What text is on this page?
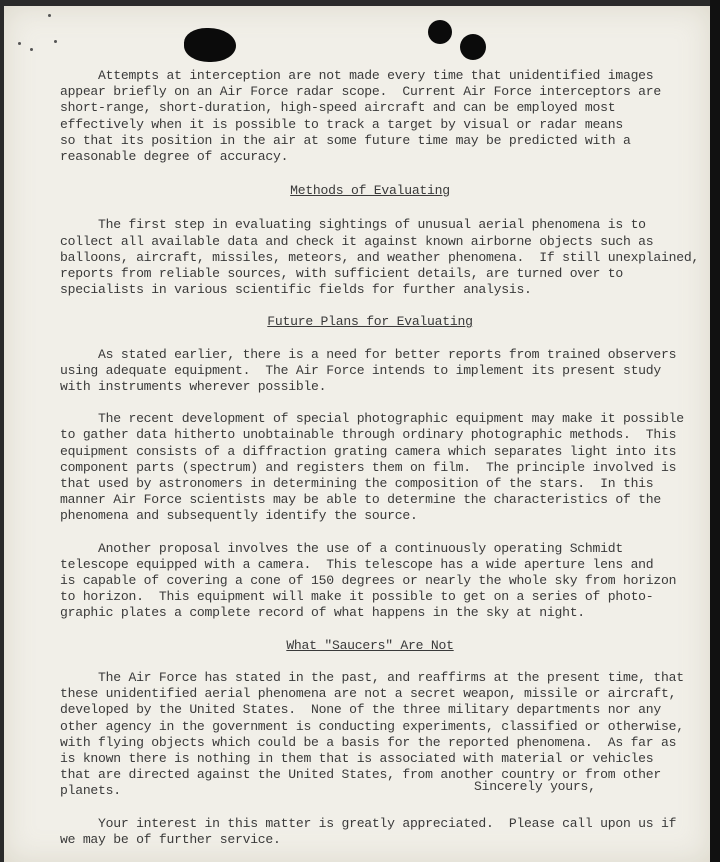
Attempts at interception are not made every time that unidentified images
appear briefly on an Air Force radar scope.  Current Air Force interceptors are
short-range, short-duration, high-speed aircraft and can be employed most
effectively when it is possible to track a target by visual or radar means
so that its position in the air at some future time may be predicted with a
reasonable degree of accuracy.
Methods of Evaluating
The first step in evaluating sightings of unusual aerial phenomena is to
collect all available data and check it against known airborne objects such as
balloons, aircraft, missiles, meteors, and weather phenomena.  If still unexplained,
reports from reliable sources, with sufficient details, are turned over to
specialists in various scientific fields for further analysis.
Future Plans for Evaluating
As stated earlier, there is a need for better reports from trained observers
using adequate equipment.  The Air Force intends to implement its present study
with instruments wherever possible.
The recent development of special photographic equipment may make it possible
to gather data hitherto unobtainable through ordinary photographic methods.  This
equipment consists of a diffraction grating camera which separates light into its
component parts (spectrum) and registers them on film.  The principle involved is
that used by astronomers in determining the composition of the stars.  In this
manner Air Force scientists may be able to determine the characteristics of the
phenomena and subsequently identify the source.
Another proposal involves the use of a continuously operating Schmidt
telescope equipped with a camera.  This telescope has a wide aperture lens and
is capable of covering a cone of 150 degrees or nearly the whole sky from horizon
to horizon.  This equipment will make it possible to get on a series of photo-
graphic plates a complete record of what happens in the sky at night.
What "Saucers" Are Not
The Air Force has stated in the past, and reaffirms at the present time, that
these unidentified aerial phenomena are not a secret weapon, missile or aircraft,
developed by the United States.  None of the three military departments nor any
other agency in the government is conducting experiments, classified or otherwise,
with flying objects which could be a basis for the reported phenomena.  As far as
is known there is nothing in them that is associated with material or vehicles
that are directed against the United States, from another country or from other
planets.
Your interest in this matter is greatly appreciated.  Please call upon us if
we may be of further service.
Sincerely yours,
